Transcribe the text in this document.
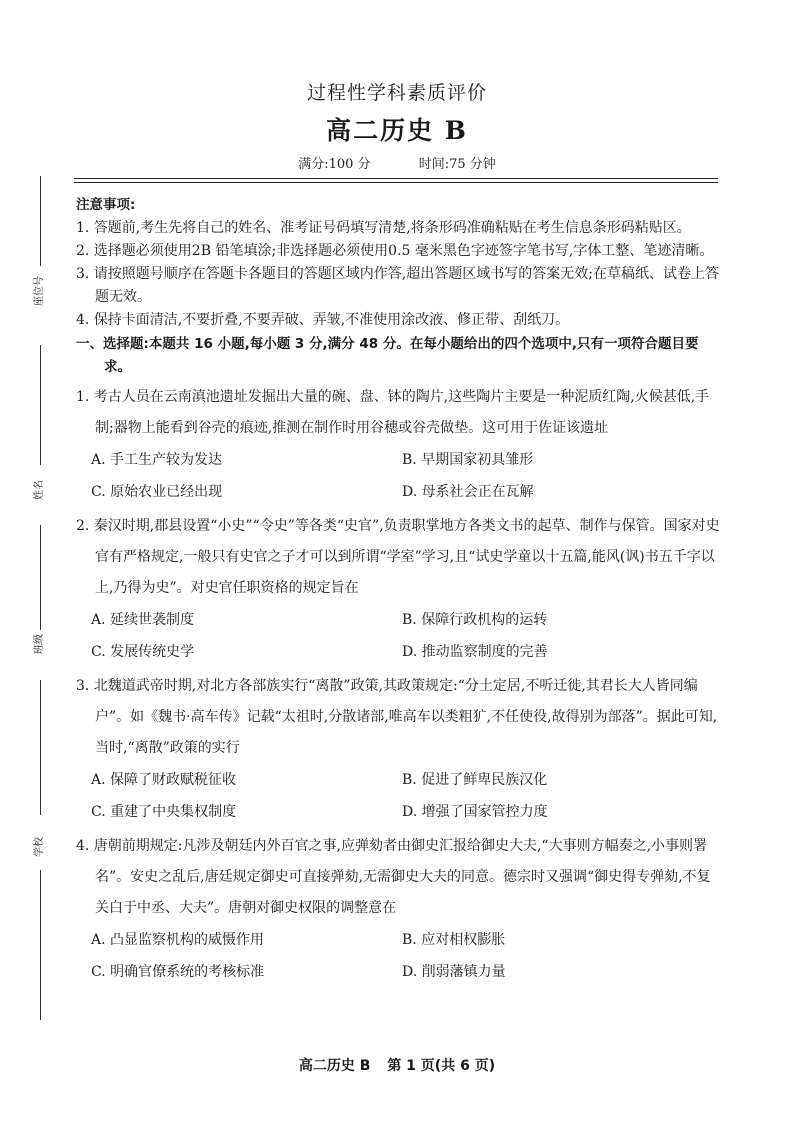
座位号
姓名
班级
学校
过程性学科素质评价
高二历史 B
满分:100 分	时间:75 分钟
注意事项:
1. 答题前,考生先将自己的姓名、准考证号码填写清楚,将条形码准确粘贴在考生信息条形码粘贴区。
2. 选择题必须使用2B 铅笔填涂;非选择题必须使用0.5 毫米黑色字迹签字笔书写,字体工整、笔迹清晰。
3. 请按照题号顺序在答题卡各题目的答题区域内作答,超出答题区域书写的答案无效;在草稿纸、试卷上答题无效。
4. 保持卡面清洁,不要折叠,不要弄破、弄皱,不准使用涂改液、修正带、刮纸刀。
一、选择题:本题共 16 小题,每小题 3 分,满分 48 分。在每小题给出的四个选项中,只有一项符合题目要求。
1. 考古人员在云南滇池遗址发掘出大量的碗、盘、钵的陶片,这些陶片主要是一种泥质红陶,火候甚低,手制;器物上能看到谷壳的痕迹,推测在制作时用谷穗或谷壳做垫。这可用于佐证该遗址
A. 手工生产较为发达	B. 早期国家初具雏形
C. 原始农业已经出现	D. 母系社会正在瓦解
2. 秦汉时期,郡县设置“小史”“令史”等各类“史官”,负责职掌地方各类文书的起草、制作与保管。国家对史官有严格规定,一般只有史官之子才可以到所谓“学室”学习,且“试史学童以十五篇,能风(讽)书五千字以上,乃得为史”。对史官任职资格的规定旨在
A. 延续世袭制度	B. 保障行政机构的运转
C. 发展传统史学	D. 推动监察制度的完善
3. 北魏道武帝时期,对北方各部族实行“离散”政策,其政策规定:“分土定居,不听迁徙,其君长大人皆同编户”。如《魏书·高车传》记载“太祖时,分散诸部,唯高车以类粗犷,不任使役,故得别为部落”。据此可知,当时,“离散”政策的实行
A. 保障了财政赋税征收	B. 促进了鲜卑民族汉化
C. 重建了中央集权制度	D. 增强了国家管控力度
4. 唐朝前期规定:凡涉及朝廷内外百官之事,应弹劾者由御史汇报给御史大夫,“大事则方幅奏之,小事则署名”。安史之乱后,唐廷规定御史可直接弹劾,无需御史大夫的同意。德宗时又强调“御史得专弹劾,不复关白于中丞、大夫”。唐朝对御史权限的调整意在
A. 凸显监察机构的威慑作用	B. 应对相权膨胀
C. 明确官僚系统的考核标准	D. 削弱藩镇力量
高二历史 B 第 1 页(共 6 页)
